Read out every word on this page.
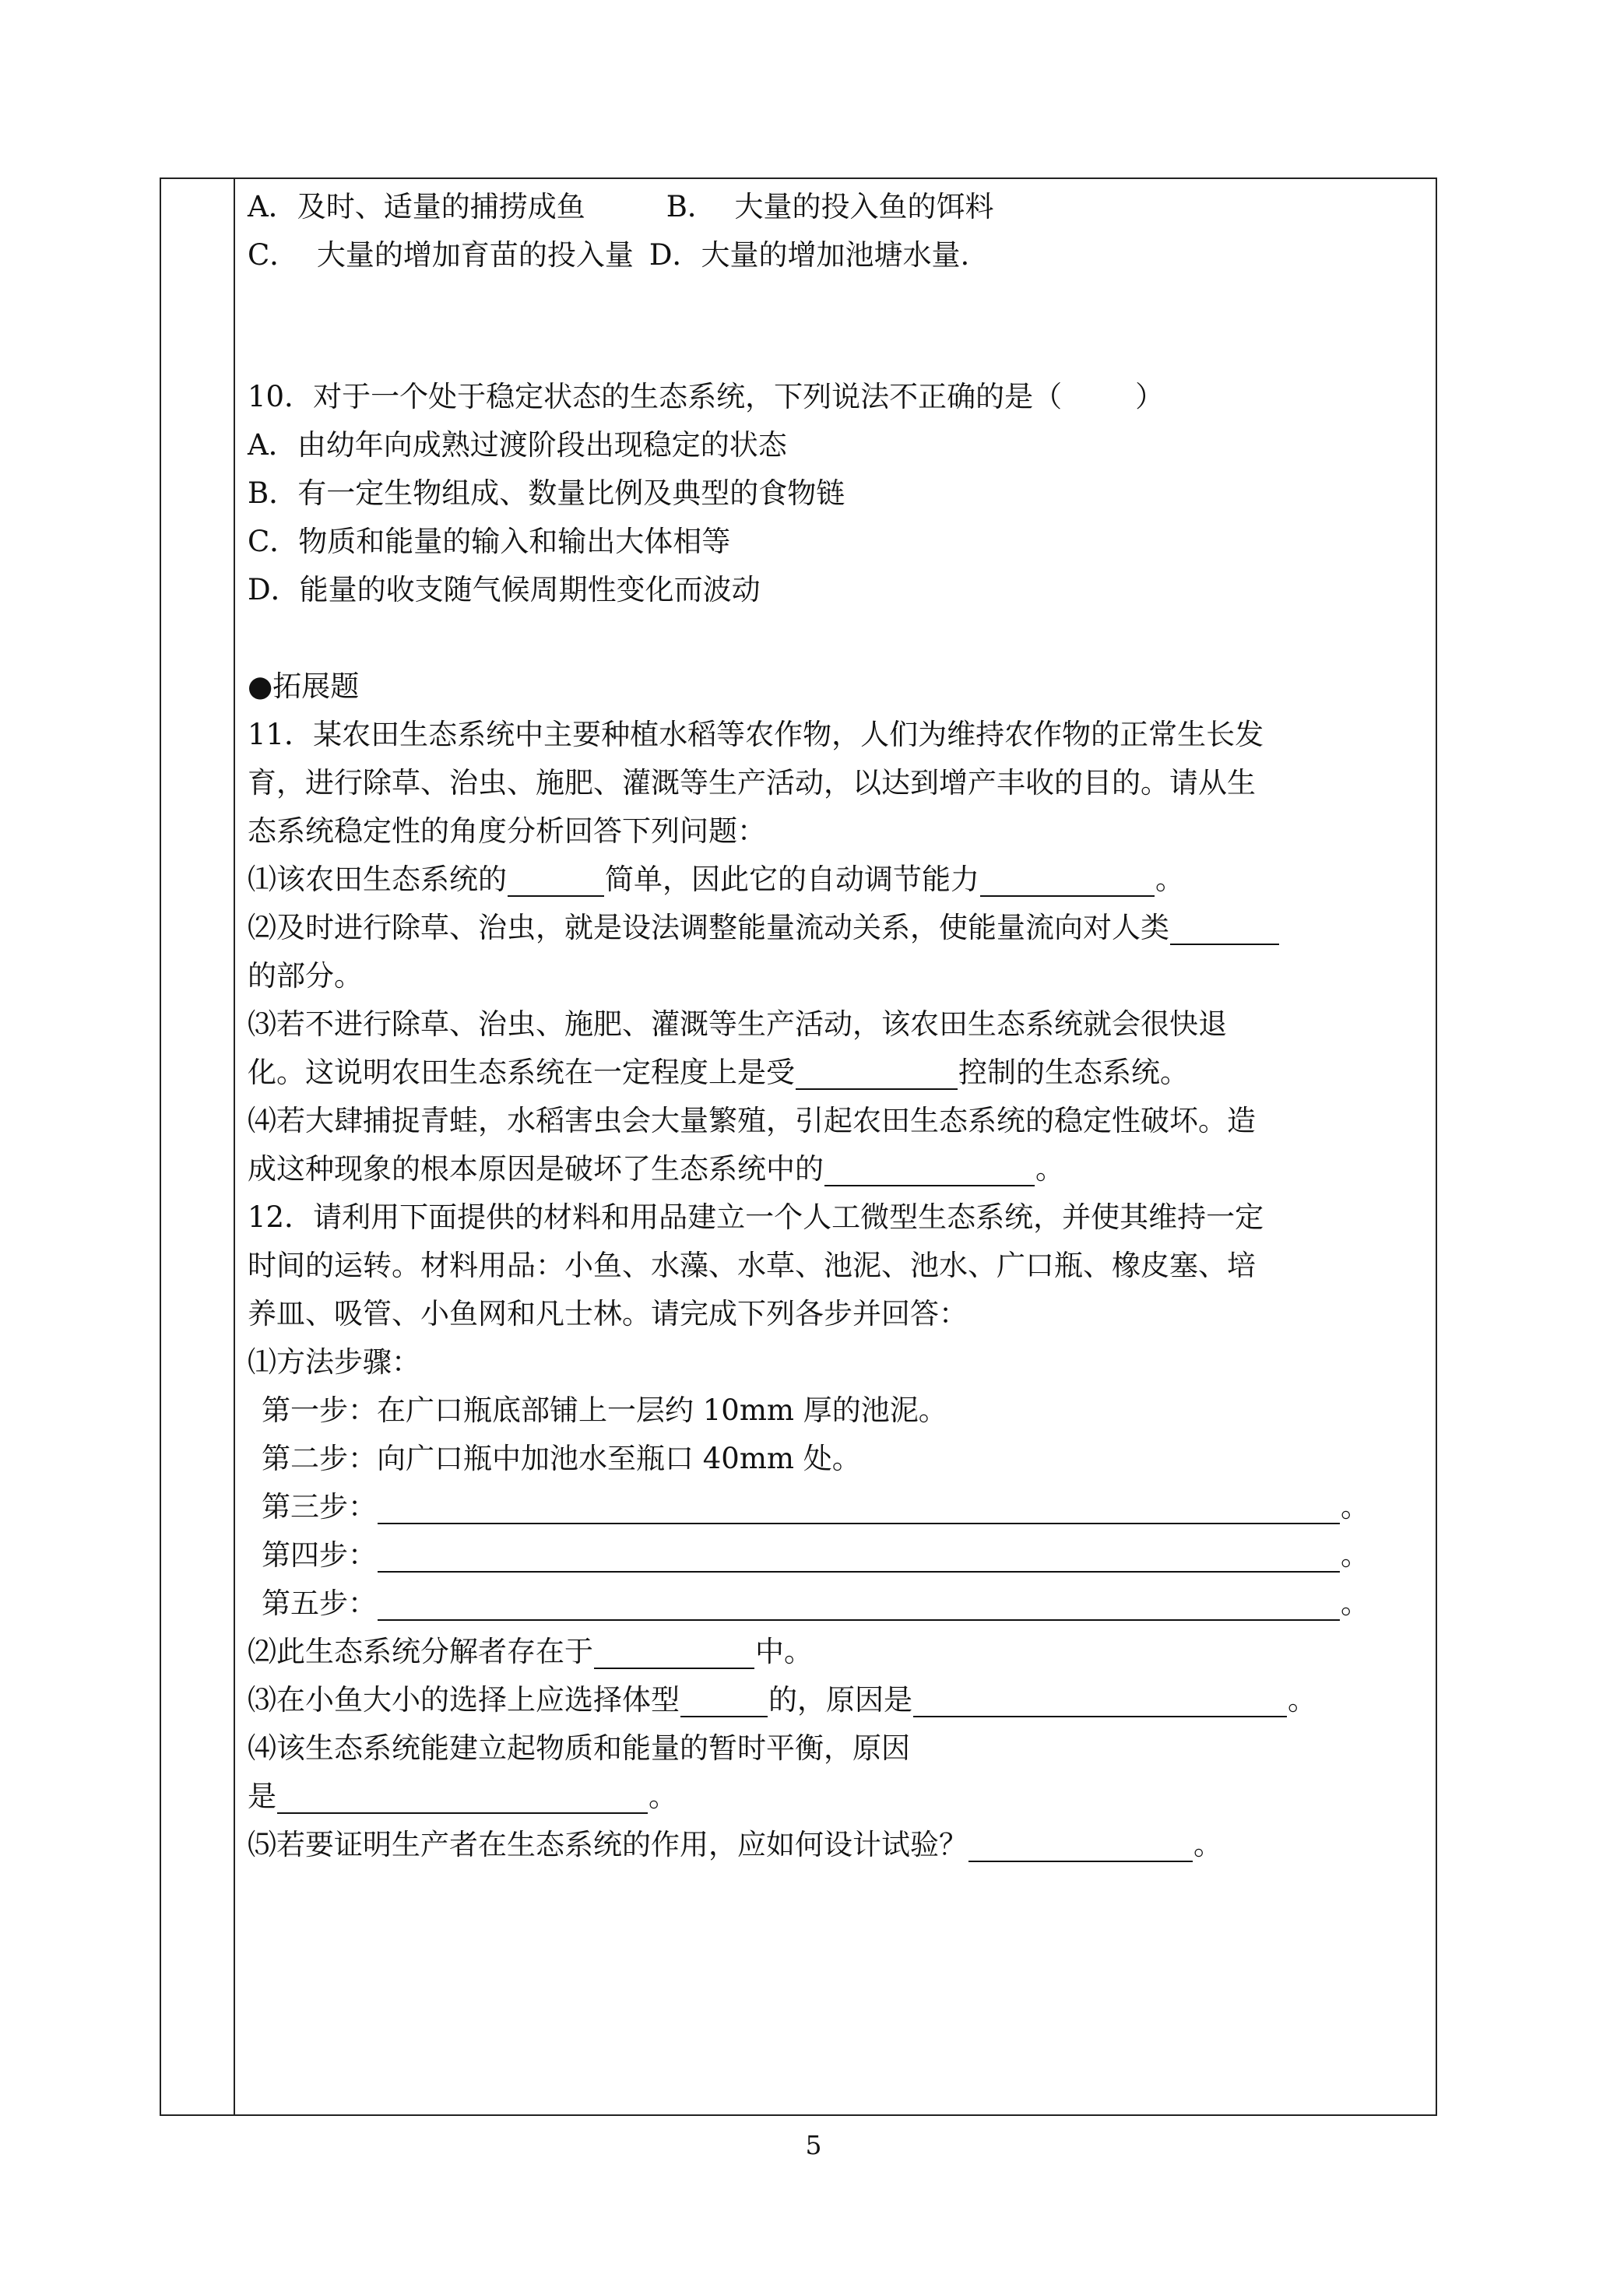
A．及时、适量的捕捞成鱼	B．  大量的投入鱼的饵料
C．  大量的增加育苗的投入量 D．大量的增加池塘水量.
10．对于一个处于稳定状态的生态系统，下列说法不正确的是（        ）
A．由幼年向成熟过渡阶段出现稳定的状态
B．有一定生物组成、数量比例及典型的食物链
C．物质和能量的输入和输出大体相等
D．能量的收支随气候周期性变化而波动
●拓展题
11．某农田生态系统中主要种植水稻等农作物，人们为维持农作物的正常生长发
育，进行除草、治虫、施肥、灌溉等生产活动，以达到增产丰收的目的。请从生
态系统稳定性的角度分析回答下列问题：
⑴该农田生态系统的	简单，因此它的自动调节能力	。
⑵及时进行除草、治虫，就是设法调整能量流动关系，使能量流向对人类
的部分。
⑶若不进行除草、治虫、施肥、灌溉等生产活动，该农田生态系统就会很快退
化。这说明农田生态系统在一定程度上是受	控制的生态系统。
⑷若大肆捕捉青蛙，水稻害虫会大量繁殖，引起农田生态系统的稳定性破坏。造
成这种现象的根本原因是破坏了生态系统中的	。
12．请利用下面提供的材料和用品建立一个人工微型生态系统，并使其维持一定
时间的运转。材料用品：小鱼、水藻、水草、池泥、池水、广口瓶、橡皮塞、培
养皿、吸管、小鱼网和凡士林。请完成下列各步并回答：
⑴方法步骤：
第一步：在广口瓶底部铺上一层约 10mm 厚的池泥。
第二步：向广口瓶中加池水至瓶口 40mm 处。
第三步：	。
第四步：	。
第五步：	。
⑵此生态系统分解者存在于	中。
⑶在小鱼大小的选择上应选择体型	的，原因是	。
⑷该生态系统能建立起物质和能量的暂时平衡，原因
是	。
⑸若要证明生产者在生态系统的作用，应如何设计试验？	。
5
